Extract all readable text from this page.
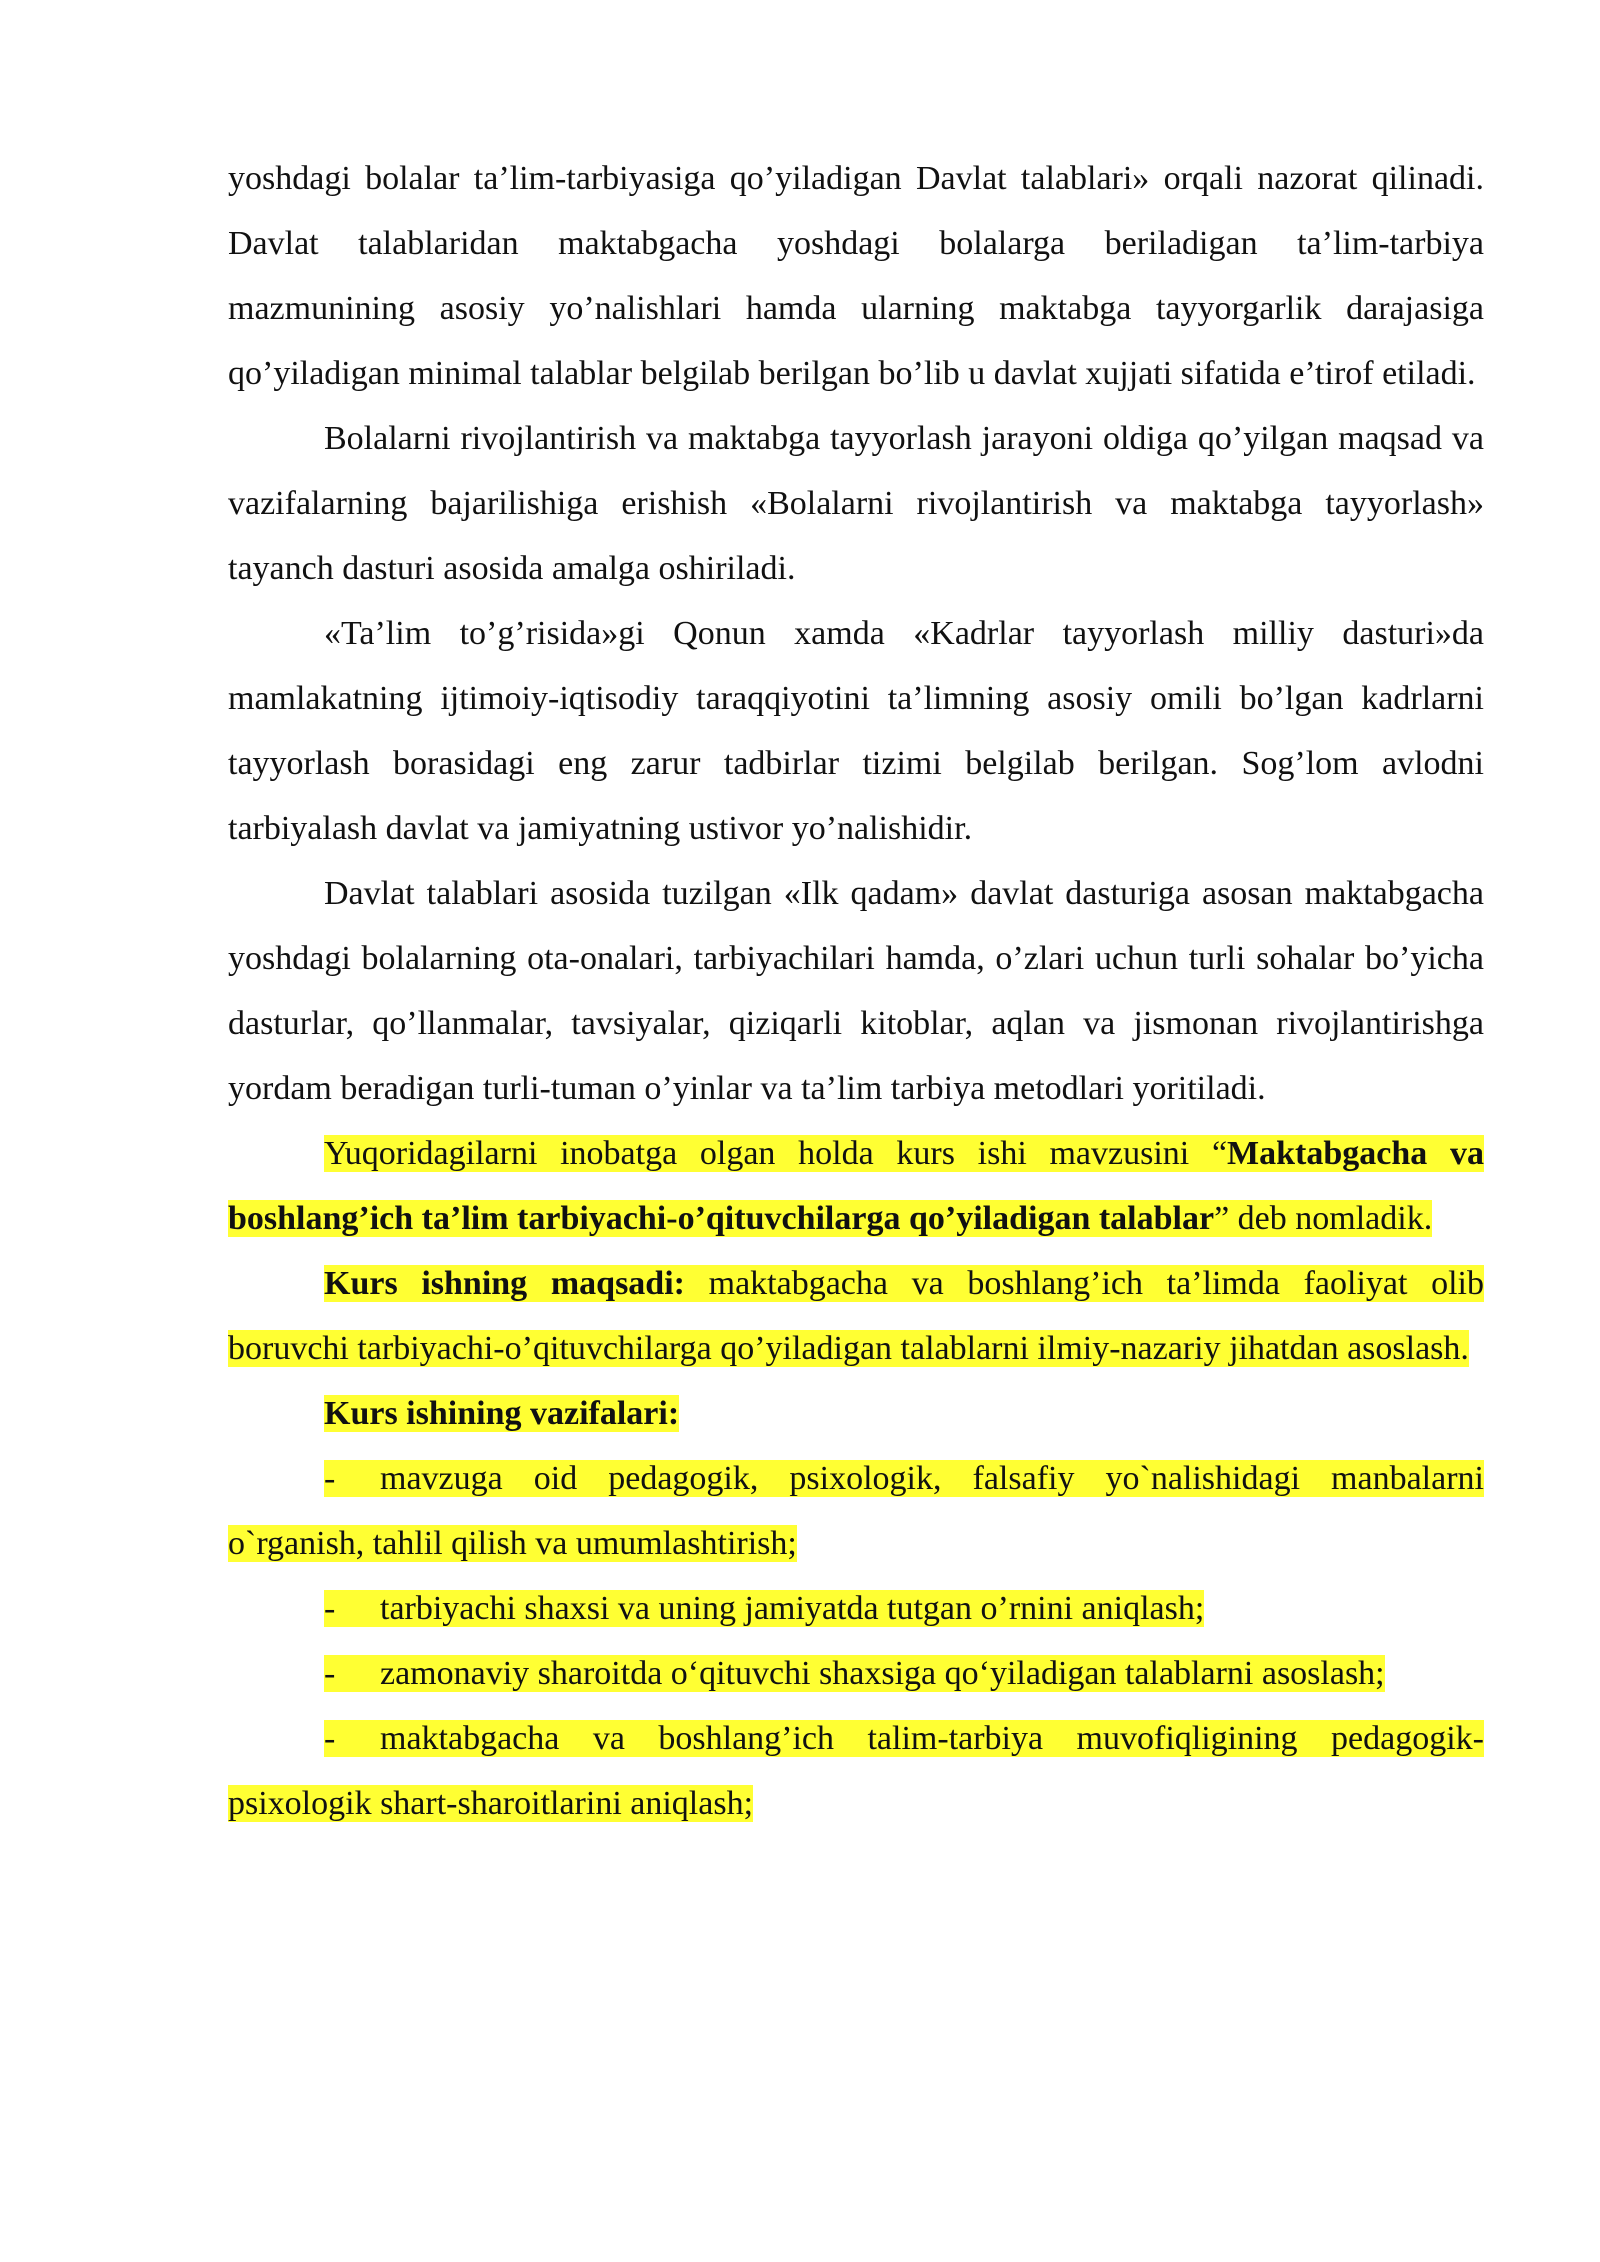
yoshdagi bolalar ta’lim-tarbiyasiga qo’yiladigan Davlat talablari» orqali nazorat qilinadi. Davlat talablaridan maktabgacha yoshdagi bolalarga beriladigan ta’lim-tarbiya mazmunining asosiy yo’nalishlari hamda ularning maktabga tayyorgarlik darajasiga qo’yiladigan minimal talablar belgilab berilgan bo’lib u davlat xujjati sifatida e’tirof etiladi.

Bolalarni rivojlantirish va maktabga tayyorlash jarayoni oldiga qo’yilgan maqsad va vazifalarning bajarilishiga erishish «Bolalarni rivojlantirish va maktabga tayyorlash» tayanch dasturi asosida amalga oshiriladi.

«Ta’lim to’g’risida»gi Qonun xamda «Kadrlar tayyorlash milliy dasturi»da mamlakatning ijtimoiy-iqtisodiy taraqqiyotini ta’limning asosiy omili bo’lgan kadrlarni tayyorlash borasidagi eng zarur tadbirlar tizimi belgilab berilgan. Sog’lom avlodni tarbiyalash davlat va jamiyatning ustivor yo’nalishidir.

Davlat talablari asosida tuzilgan «Ilk qadam» davlat dasturiga asosan maktabgacha yoshdagi bolalarning ota-onalari, tarbiyachilari hamda, o’zlari uchun turli sohalar bo’yicha dasturlar, qo’llanmalar, tavsiyalar, qiziqarli kitoblar, aqlan va jismonan rivojlantirishga yordam beradigan turli-tuman o’yinlar va ta’lim tarbiya metodlari yoritiladi.

Yuqoridagilarni inobatga olgan holda kurs ishi mavzusini “Maktabgacha va boshlang’ich ta’lim tarbiyachi-o’qituvchilarga qo’yiladigan talablar” deb nomladik.

Kurs ishning maqsadi: maktabgacha va boshlang’ich ta’limda faoliyat olib boruvchi tarbiyachi-o’qituvchilarga qo’yiladigan talablarni ilmiy-nazariy jihatdan asoslash.

Kurs ishining vazifalari:

- mavzuga oid pedagogik, psixologik, falsafiy yo`nalishidagi manbalarni o`rganish, tahlil qilish va umumlashtirish;

- tarbiyachi shaxsi va uning jamiyatda tutgan o’rnini aniqlash;

- zamonaviy sharoitda o‘qituvchi shaxsiga qo‘yiladigan talablarni asoslash;

- maktabgacha va boshlang’ich talim-tarbiya muvofiqligining pedagogik-psixologik shart-sharoitlarini aniqlash;
